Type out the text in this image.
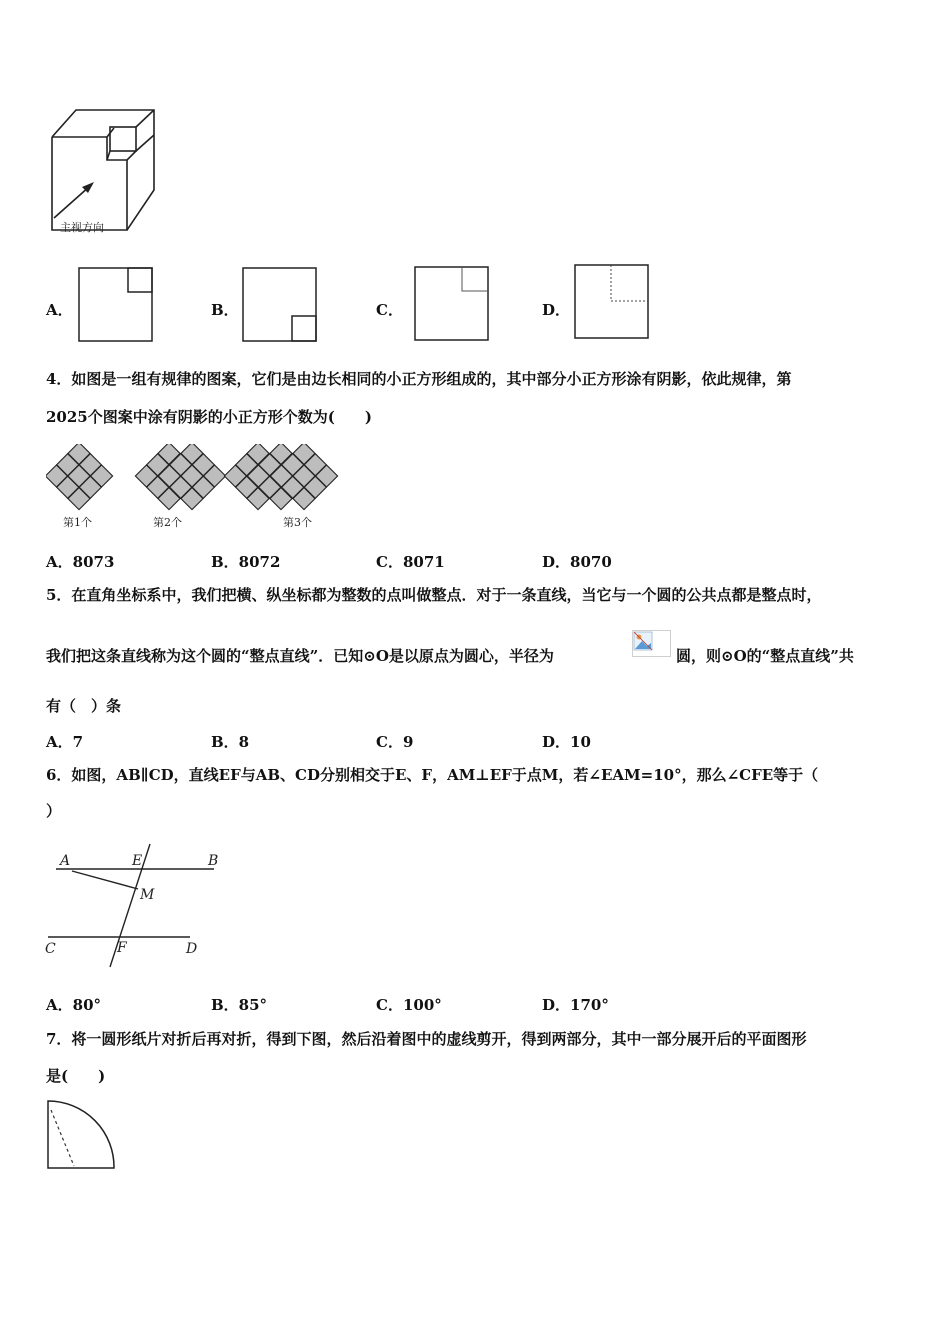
主视方向
A．	B．	C．	D．
4．如图是一组有规律的图案，它们是由边长相同的小正方形组成的，其中部分小正方形涂有阴影，依此规律，第
2025个图案中涂有阴影的小正方形个数为(　　)
第1个	第2个	第3个
A．8073	B．8072	C．8071	D．8070
5．在直角坐标系中，我们把横、纵坐标都为整数的点叫做整点．对于一条直线，当它与一个圆的公共点都是整点时，
我们把这条直线称为这个圆的“整点直线”．已知⊙O是以原点为圆心，半径为	圆，则⊙O的“整点直线”共
有（　）条
A．7	B．8	C．9	D．10
6．如图，AB∥CD，直线EF与AB、CD分别相交于E、F，AM⊥EF于点M，若∠EAM=10°，那么∠CFE等于（
）
A	E	B
M
C	F	D
A．80°	B．85°	C．100°	D．170°
7．将一圆形纸片对折后再对折，得到下图，然后沿着图中的虚线剪开，得到两部分，其中一部分展开后的平面图形
是(　　)
